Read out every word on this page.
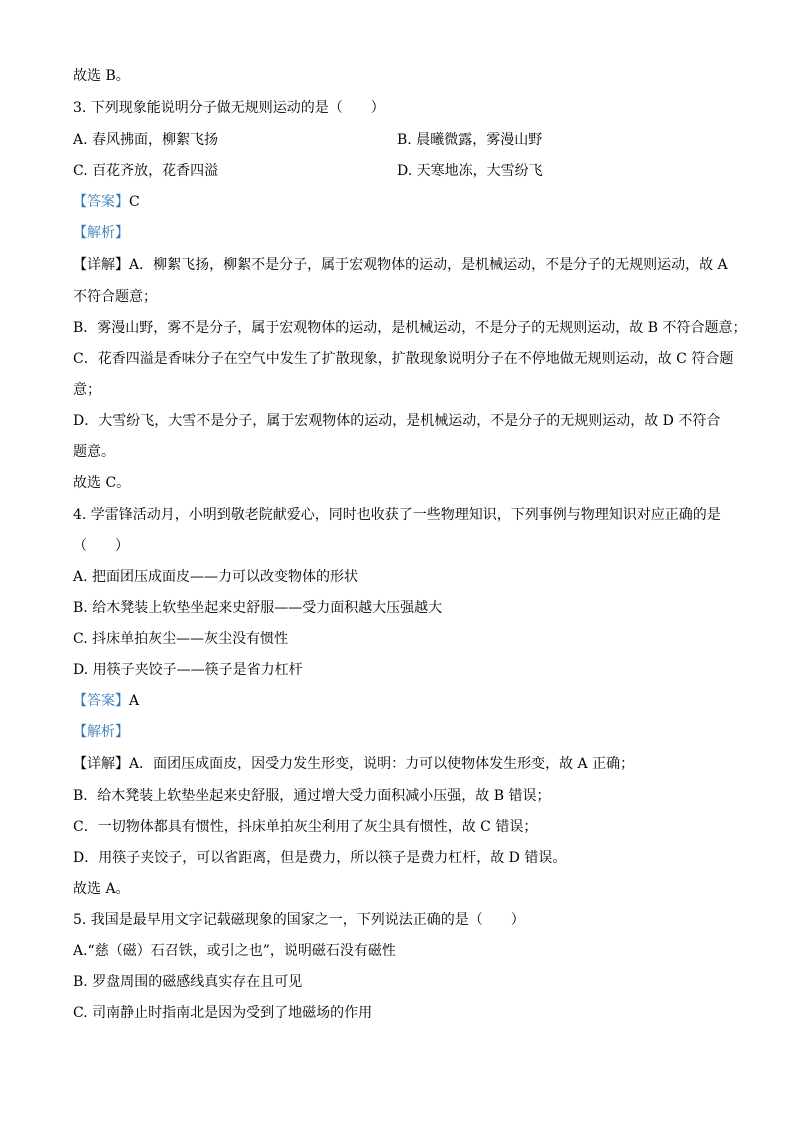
故选 B。
3. 下列现象能说明分子做无规则运动的是（　　）
A. 春风拂面，柳絮飞扬	B. 晨曦微露，雾漫山野
C. 百花齐放，花香四溢	D. 天寒地冻，大雪纷飞
【答案】C
【解析】
【详解】A．柳絮飞扬，柳絮不是分子，属于宏观物体的运动，是机械运动，不是分子的无规则运动，故 A
不符合题意；
B．雾漫山野，雾不是分子，属于宏观物体的运动，是机械运动，不是分子的无规则运动，故 B 不符合题意；
C．花香四溢是香味分子在空气中发生了扩散现象，扩散现象说明分子在不停地做无规则运动，故 C 符合题
意；
D．大雪纷飞，大雪不是分子，属于宏观物体的运动，是机械运动，不是分子的无规则运动，故 D 不符合
题意。
故选 C。
4. 学雷锋活动月，小明到敬老院献爱心，同时也收获了一些物理知识，下列事例与物理知识对应正确的是
（　　）
A. 把面团压成面皮——力可以改变物体的形状
B. 给木凳装上软垫坐起来史舒服——受力面积越大压强越大
C. 抖床单拍灰尘——灰尘没有惯性
D. 用筷子夹饺子——筷子是省力杠杆
【答案】A
【解析】
【详解】A．面团压成面皮，因受力发生形变，说明：力可以使物体发生形变，故 A 正确；
B．给木凳装上软垫坐起来史舒服，通过增大受力面积减小压强，故 B 错误；
C．一切物体都具有惯性，抖床单拍灰尘利用了灰尘具有惯性，故 C 错误；
D．用筷子夹饺子，可以省距离，但是费力，所以筷子是费力杠杆，故 D 错误。
故选 A。
5. 我国是最早用文字记载磁现象的国家之一，下列说法正确的是（　　）
A.“慈（磁）石召铁，或引之也”，说明磁石没有磁性
B. 罗盘周围的磁感线真实存在且可见
C. 司南静止时指南北是因为受到了地磁场的作用
